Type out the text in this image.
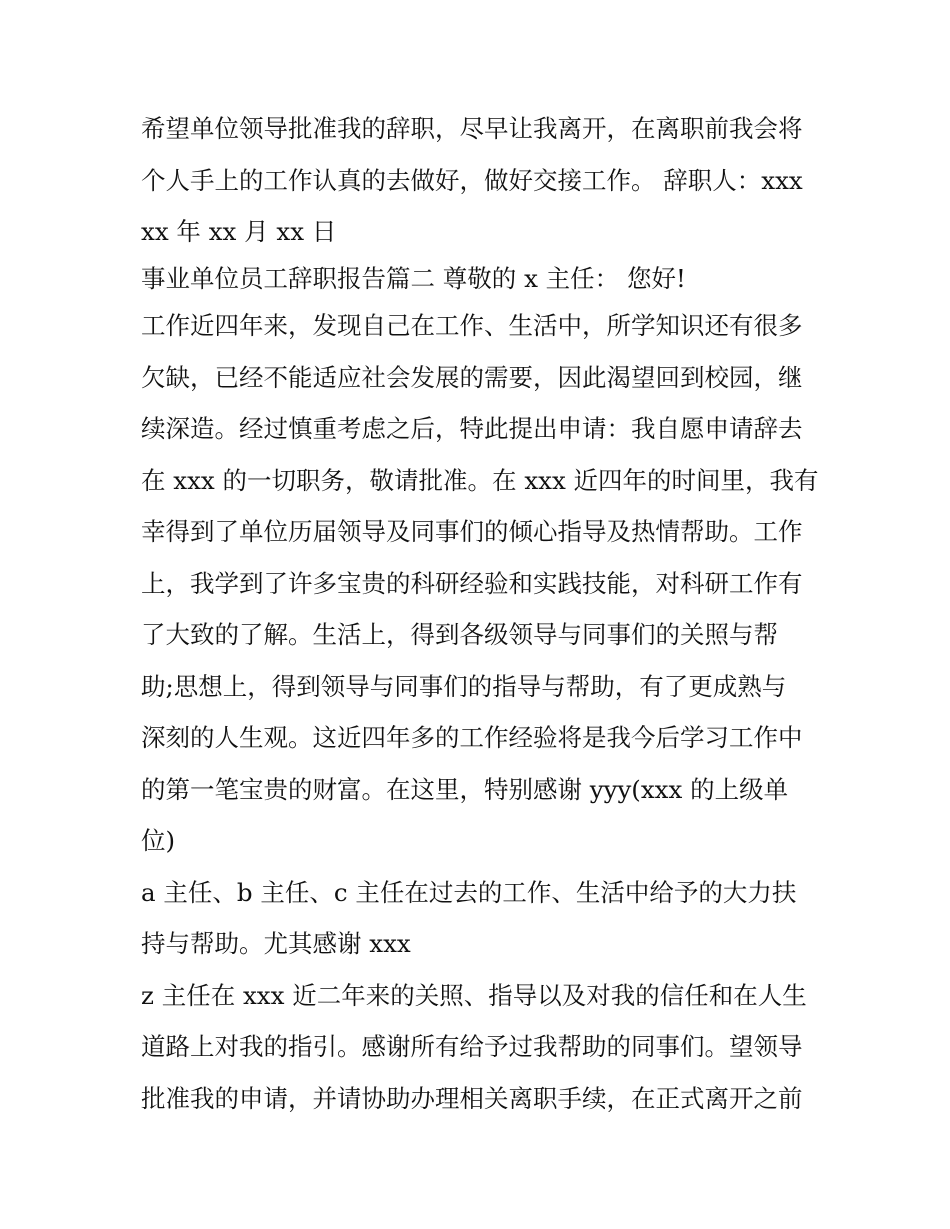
希望单位领导批准我的辞职，尽早让我离开，在离职前我会将

个人手上的工作认真的去做好，做好交接工作。 辞职人：xxx

xx 年 xx 月 xx 日

事业单位员工辞职报告篇二 尊敬的 x 主任： 您好!

工作近四年来，发现自己在工作、生活中，所学知识还有很多

欠缺，已经不能适应社会发展的需要，因此渴望回到校园，继

续深造。经过慎重考虑之后，特此提出申请：我自愿申请辞去

在 xxx 的一切职务，敬请批准。在 xxx 近四年的时间里，我有

幸得到了单位历届领导及同事们的倾心指导及热情帮助。工作

上，我学到了许多宝贵的科研经验和实践技能，对科研工作有

了大致的了解。生活上，得到各级领导与同事们的关照与帮

助;思想上，得到领导与同事们的指导与帮助，有了更成熟与

深刻的人生观。这近四年多的工作经验将是我今后学习工作中

的第一笔宝贵的财富。在这里，特别感谢 yyy(xxx 的上级单

位)

a 主任、b 主任、c 主任在过去的工作、生活中给予的大力扶

持与帮助。尤其感谢 xxx

z 主任在 xxx 近二年来的关照、指导以及对我的信任和在人生

道路上对我的指引。感谢所有给予过我帮助的同事们。望领导

批准我的申请，并请协助办理相关离职手续，在正式离开之前
